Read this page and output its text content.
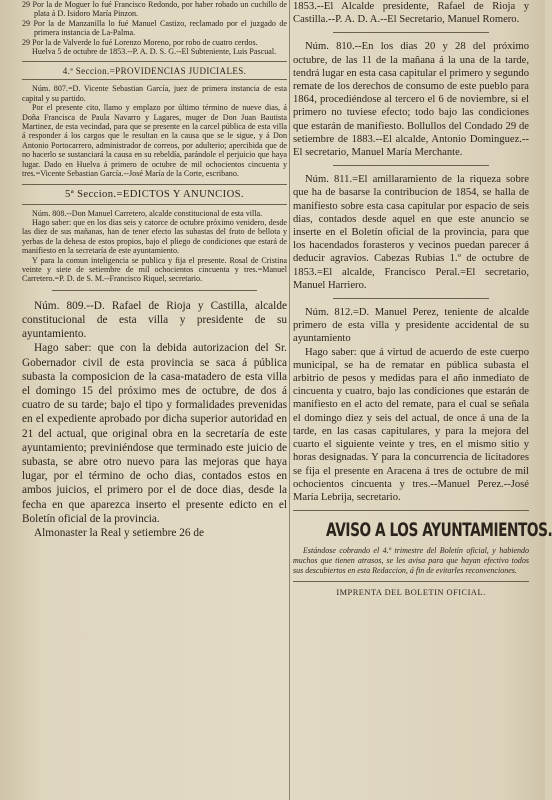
29 Por la de Moguer lo fué Francisco Redondo, por haber robado un cuchillo de plata á D. Isidoro María Pinzon.

29 Por la de Manzanilla lo fué Manuel Castizo, reclamado por el juzgado de primera instancia de La-Palma.

29 Por la de Valverde lo fué Lorenzo Moreno, por robo de cuatro cerdos.

Huelva 5 de octubre de 1853.--P. A. D. S. G.--El Subteniente, Luis Pascual.

4.ª Seccion.=PROVIDENCIAS JUDICIALES.

Núm. 807.=D. Vicente Sebastian García, juez de primera instancia de esta capital y su partido.

Por el presente cito, llamo y emplazo por último término de nueve dias, á Doña Francisca de Paula Navarro y Lagares, muger de Don Juan Bautista Martinez, de esta vecindad, para que se presente en la carcel pública de esta villa á responder á los cargos que le resultan en la causa que se le sigue, y á Don Antonio Portocarrero, administrador de correos, por adulterio; apercibida que de no hacerlo se sustanciará la causa en su rebeldía, parándole el perjuicio que haya lugar. Dado en Huelva á primero de octubre de mil ochocientos cincuenta y tres.=Vicente Sebastian García.--José María de la Corte, escribano.

5ª Seccion.=EDICTOS Y ANUNCIOS.

Núm. 808.--Don Manuel Carretero, alcalde constitucional de esta villa.

Hago saber: que en los dias seis y catorce de octubre próximo venidero, desde las diez de sus mañanas, han de tener efecto las subastas del fruto de bellota y yerbas de la dehesa de estos propios, bajo el pliego de condiciones que estará de manifiesto en la secretaría de este ayuntamiento.

Y para la comun inteligencia se publica y fija el presente. Rosal de Cristina veinte y siete de setiembre de mil ochocientos cincuenta y tres.=Manuel Carretero.=P. D. de S. M.--Francisco Riquel, secretario.

Núm. 809.--D. Rafael de Rioja y Castilla, alcalde constitucional de esta villa y presidente de su ayuntamiento.

Hago saber: que con la debida autorizacion del Sr. Gobernador civil de esta provincia se saca á pública subasta la composicion de la casa-matadero de esta villa el domingo 15 del próximo mes de octubre, de dos á cuatro de su tarde; bajo el tipo y formalidades prevenidas en el expediente aprobado por dicha superior autoridad en 21 del actual, que original obra en la secretaría de este ayuntamiento; previniéndose que terminado este juicio de subasta, se abre otro nuevo para las mejoras que haya lugar, por el término de ocho dias, contados estos en ambos juicios, el primero por el de doce dias, desde la fecha en que aparezca inserto el presente edicto en el Boletín oficial de la provincia.

Almonaster la Real y setiembre 26 de

1853.--El Alcalde presidente, Rafael de Rioja y Castilla.--P. A. D. A.--El Secretario, Manuel Romero.

Núm. 810.--En los dias 20 y 28 del próximo octubre, de las 11 de la mañana á la una de la tarde, tendrá lugar en esta casa capitular el primero y segundo remate de los derechos de consumo de este pueblo para 1864, procediéndose al tercero el 6 de noviembre, si el primero no tuviese efecto; todo bajo las condiciones que estarán de manifiesto. Bollullos del Condado 29 de setiembre de 1883.--El alcalde, Antonio Dominguez.--El secretario, Manuel María Merchante.

Núm. 811.=El amillaramiento de la riqueza sobre que ha de basarse la contribucion de 1854, se halla de manifiesto sobre esta casa capitular por espacio de seis dias, contados desde aquel en que este anuncio se inserte en el Boletín oficial de la provincia, para que los hacendados forasteros y vecinos puedan parecer á deducir agravios. Cabezas Rubias 1.º de octubre de 1853.=El alcalde, Francisco Peral.=El secretario, Manuel Harriero.

Núm. 812.=D. Manuel Perez, teniente de alcalde primero de esta villa y presidente accidental de su ayuntamiento

Hago saber: que á virtud de acuerdo de este cuerpo municipal, se ha de rematar en pública subasta el arbitrio de pesos y medidas para el año inmediato de cincuenta y cuatro, bajo las condiciones que estarán de manifiesto en el acto del remate, para el cual se señala el domingo diez y seis del actual, de once á una de la tarde, en las casas capitulares, y para la mejora del cuarto el siguiente veinte y tres, en el mismo sitio y horas designadas. Y para la concurrencia de licitadores se fija el presente en Aracena á tres de octubre de mil ochocientos cincuenta y tres.--Manuel Perez.--José María Lebrija, secretario.

AVISO A LOS AYUNTAMIENTOS.

Estándose cobrando el 4.º trimestre del Boletín oficial, y habiendo muchos que tienen atrasos, se les avisa para que hayan efectivo todos sus descubiertos en esta Redaccion, á fin de evitarles reconvenciones.

IMPRENTA DEL BOLETIN OFICIAL.
